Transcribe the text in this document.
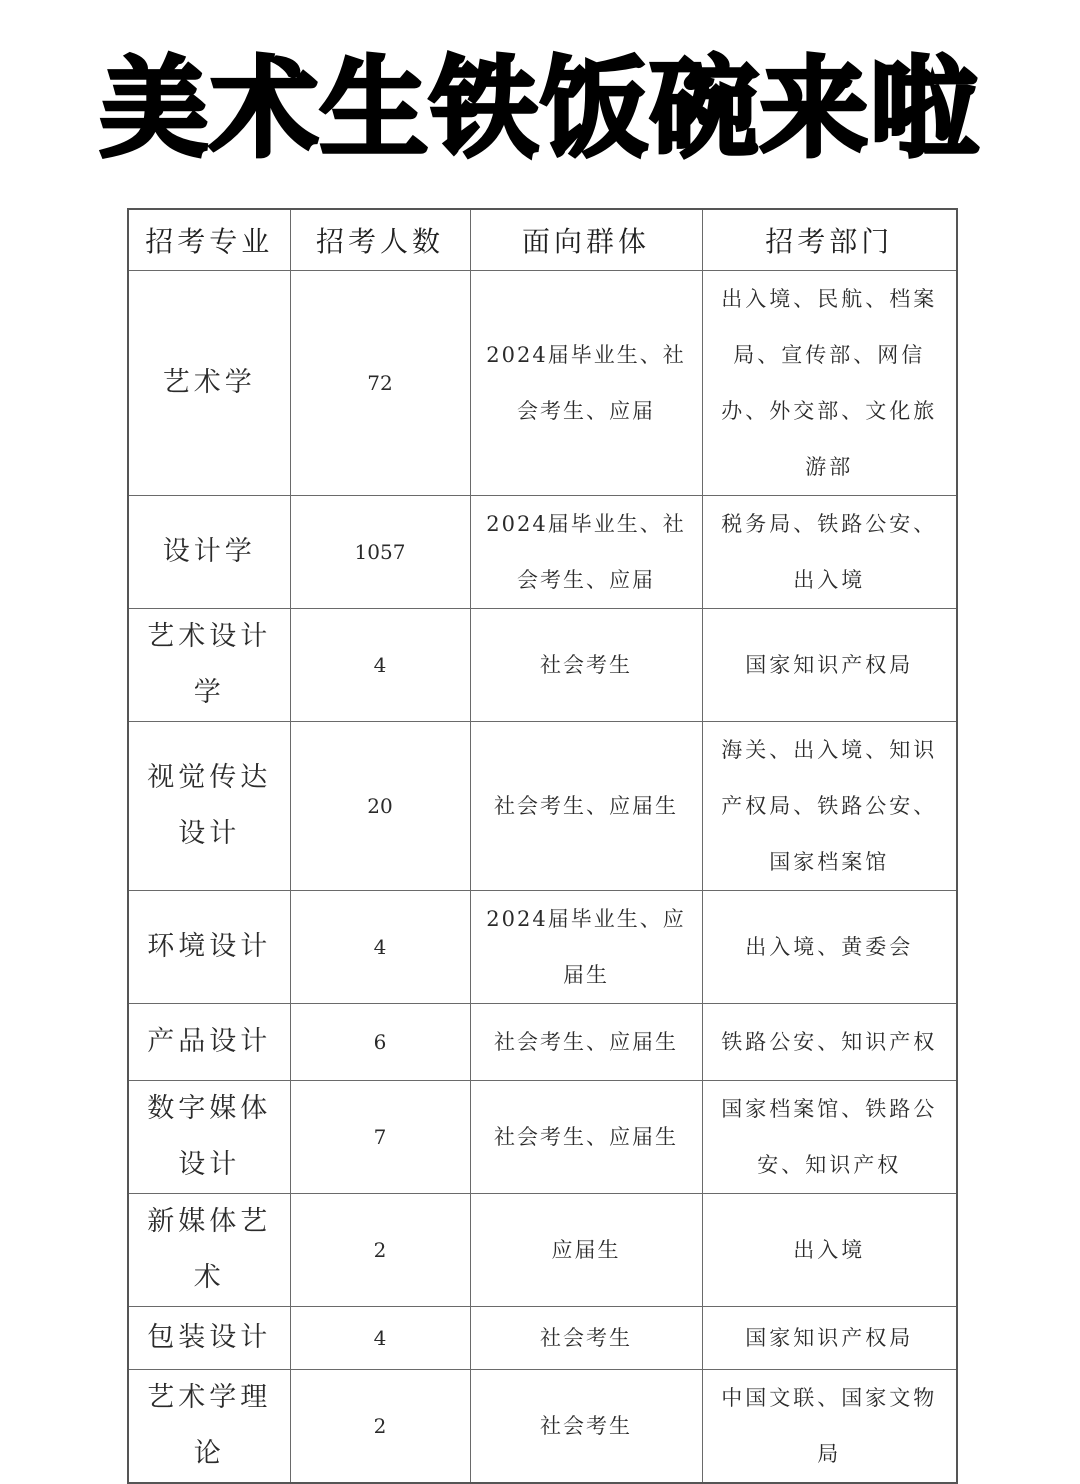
美术生铁饭碗来啦
招考专业	招考人数	面向群体	招考部门
艺术学	72	2024届毕业生、社会考生、应届	出入境、民航、档案局、宣传部、网信办、外交部、文化旅游部
设计学	1057	2024届毕业生、社会考生、应届	税务局、铁路公安、出入境
艺术设计学	4	社会考生	国家知识产权局
视觉传达设计	20	社会考生、应届生	海关、出入境、知识产权局、铁路公安、国家档案馆
环境设计	4	2024届毕业生、应届生	出入境、黄委会
产品设计	6	社会考生、应届生	铁路公安、知识产权
数字媒体设计	7	社会考生、应届生	国家档案馆、铁路公安、知识产权
新媒体艺术	2	应届生	出入境
包装设计	4	社会考生	国家知识产权局
艺术学理论	2	社会考生	中国文联、国家文物局
